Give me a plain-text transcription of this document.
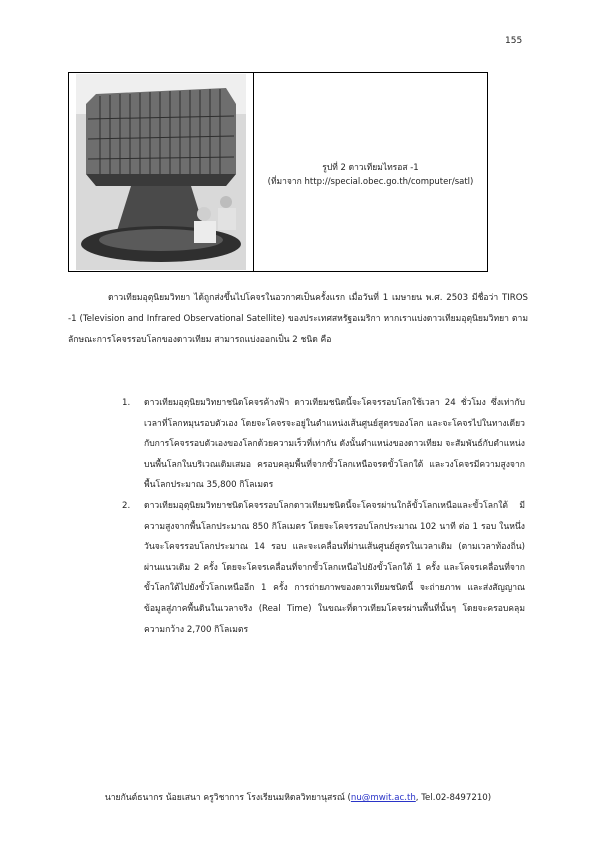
155
รูปที่ 2 ดาวเทียมไทรอส -1
(ที่มาจาก http://special.obec.go.th/computer/satl)
ดาวเทียมอุตุนิยมวิทยา ได้ถูกส่งขึ้นไปโคจรในอวกาศเป็นครั้งแรก เมื่อวันที่ 1 เมษายน พ.ศ. 2503 มีชื่อว่า TIROS -1 (Television and Infrared Observational Satellite) ของประเทศสหรัฐอเมริกา หากเราแบ่งดาวเทียมอุตุนิยมวิทยา ตามลักษณะการโคจรรอบโลกของดาวเทียม สามารถแบ่งออกเป็น 2 ชนิด คือ
1.	ดาวเทียมอุตุนิยมวิทยาชนิดโคจรค้างฟ้า ดาวเทียมชนิดนี้จะโคจรรอบโลกใช้เวลา 24 ชั่วโมง ซึ่งเท่ากับเวลาที่โลกหมุนรอบตัวเอง โดยจะโคจรจะอยู่ในตำแหน่งเส้นศูนย์สูตรของโลก และจะโคจรไปในทางเดียวกับการโคจรรอบตัวเองของโลกด้วยความเร็วที่เท่ากัน ดังนั้นตำแหน่งของดาวเทียม จะสัมพันธ์กับตำแหน่งบนพื้นโลกในบริเวณเดิมเสมอ ครอบคลุมพื้นที่จากขั้วโลกเหนือจรดขั้วโลกใต้ และวงโคจรมีความสูงจากพื้นโลกประมาณ 35,800 กิโลเมตร
2.	ดาวเทียมอุตุนิยมวิทยาชนิดโคจรรอบโลกดาวเทียมชนิดนี้จะโคจรผ่านใกล้ขั้วโลกเหนือและขั้วโลกใต้ มีความสูงจากพื้นโลกประมาณ 850 กิโลเมตร โดยจะโคจรรอบโลกประมาณ 102 นาที ต่อ 1 รอบ ในหนึ่งวันจะโคจรรอบโลกประมาณ 14 รอบ และจะเคลื่อนที่ผ่านเส้นศูนย์สูตรในเวลาเดิม (ตามเวลาท้องถิ่น) ผ่านแนวเดิม 2 ครั้ง โดยจะโคจรเคลื่อนที่จากขั้วโลกเหนือไปยังขั้วโลกใต้ 1 ครั้ง และโคจรเคลื่อนที่จากขั้วโลกใต้ไปยังขั้วโลกเหนืออีก 1 ครั้ง การถ่ายภาพของดาวเทียมชนิดนี้ จะถ่ายภาพ และส่งสัญญาณข้อมูลสู่ภาคพื้นดินในเวลาจริง (Real Time) ในขณะที่ดาวเทียมโคจรผ่านพื้นที่นั้นๆ โดยจะครอบคลุมความกว้าง 2,700 กิโลเมตร
นายกันต์ธนากร น้อยเสนา ครูวิชาการ โรงเรียนมหิดลวิทยานุสรณ์ (nu@mwit.ac.th, Tel.02-8497210)
